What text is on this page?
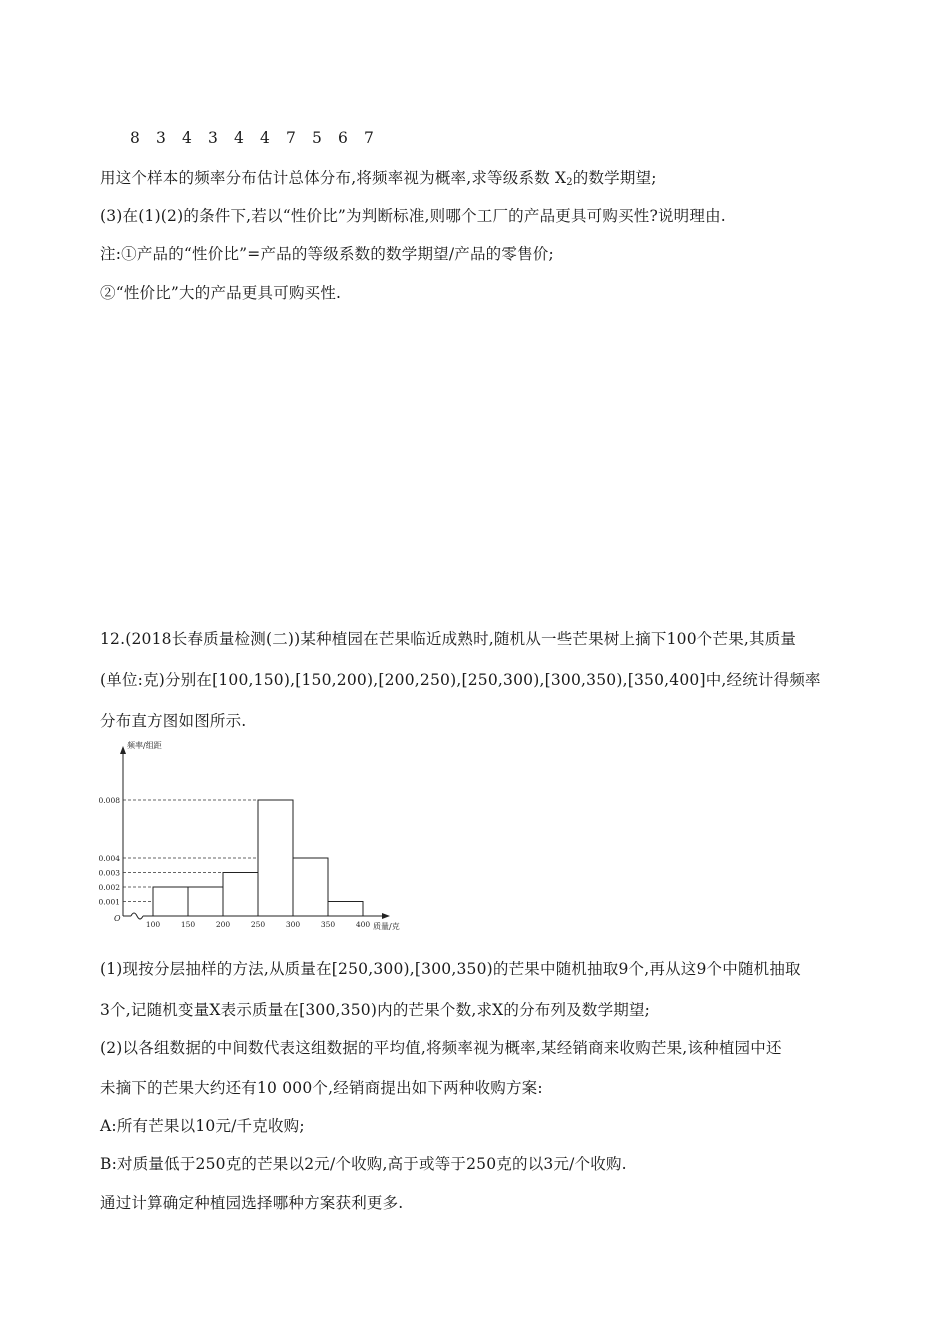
8 3 4 3 4 4 7 5 6 7
用这个样本的频率分布估计总体分布,将频率视为概率,求等级系数 $X_2$的数学期望;
(3)在(1)(2)的条件下,若以“性价比”为判断标准,则哪个工厂的产品更具可购买性?说明理由.
注:①产品的“性价比”=产品的等级系数的数学期望/产品的零售价;
②“性价比”大的产品更具可购买性.
12.(2018长春质量检测(二))某种植园在芒果临近成熟时,随机从一些芒果树上摘下100个芒果,其质量
(单位:克)分别在[100,150),[150,200),[200,250),[250,300),[300,350),[350,400]中,经统计得频率
分布直方图如图所示.
0.001
0.002
0.003
0.004
0.008
100	150	200	250	300	350	400
O
频率/组距
质量/克
(1)现按分层抽样的方法,从质量在[250,300),[300,350)的芒果中随机抽取9个,再从这9个中随机抽取
3个,记随机变量X表示质量在[300,350)内的芒果个数,求X的分布列及数学期望;
(2)以各组数据的中间数代表这组数据的平均值,将频率视为概率,某经销商来收购芒果,该种植园中还
未摘下的芒果大约还有10 000个,经销商提出如下两种收购方案:
A:所有芒果以10元/千克收购;
B:对质量低于250克的芒果以2元/个收购,高于或等于250克的以3元/个收购.
通过计算确定种植园选择哪种方案获利更多.
